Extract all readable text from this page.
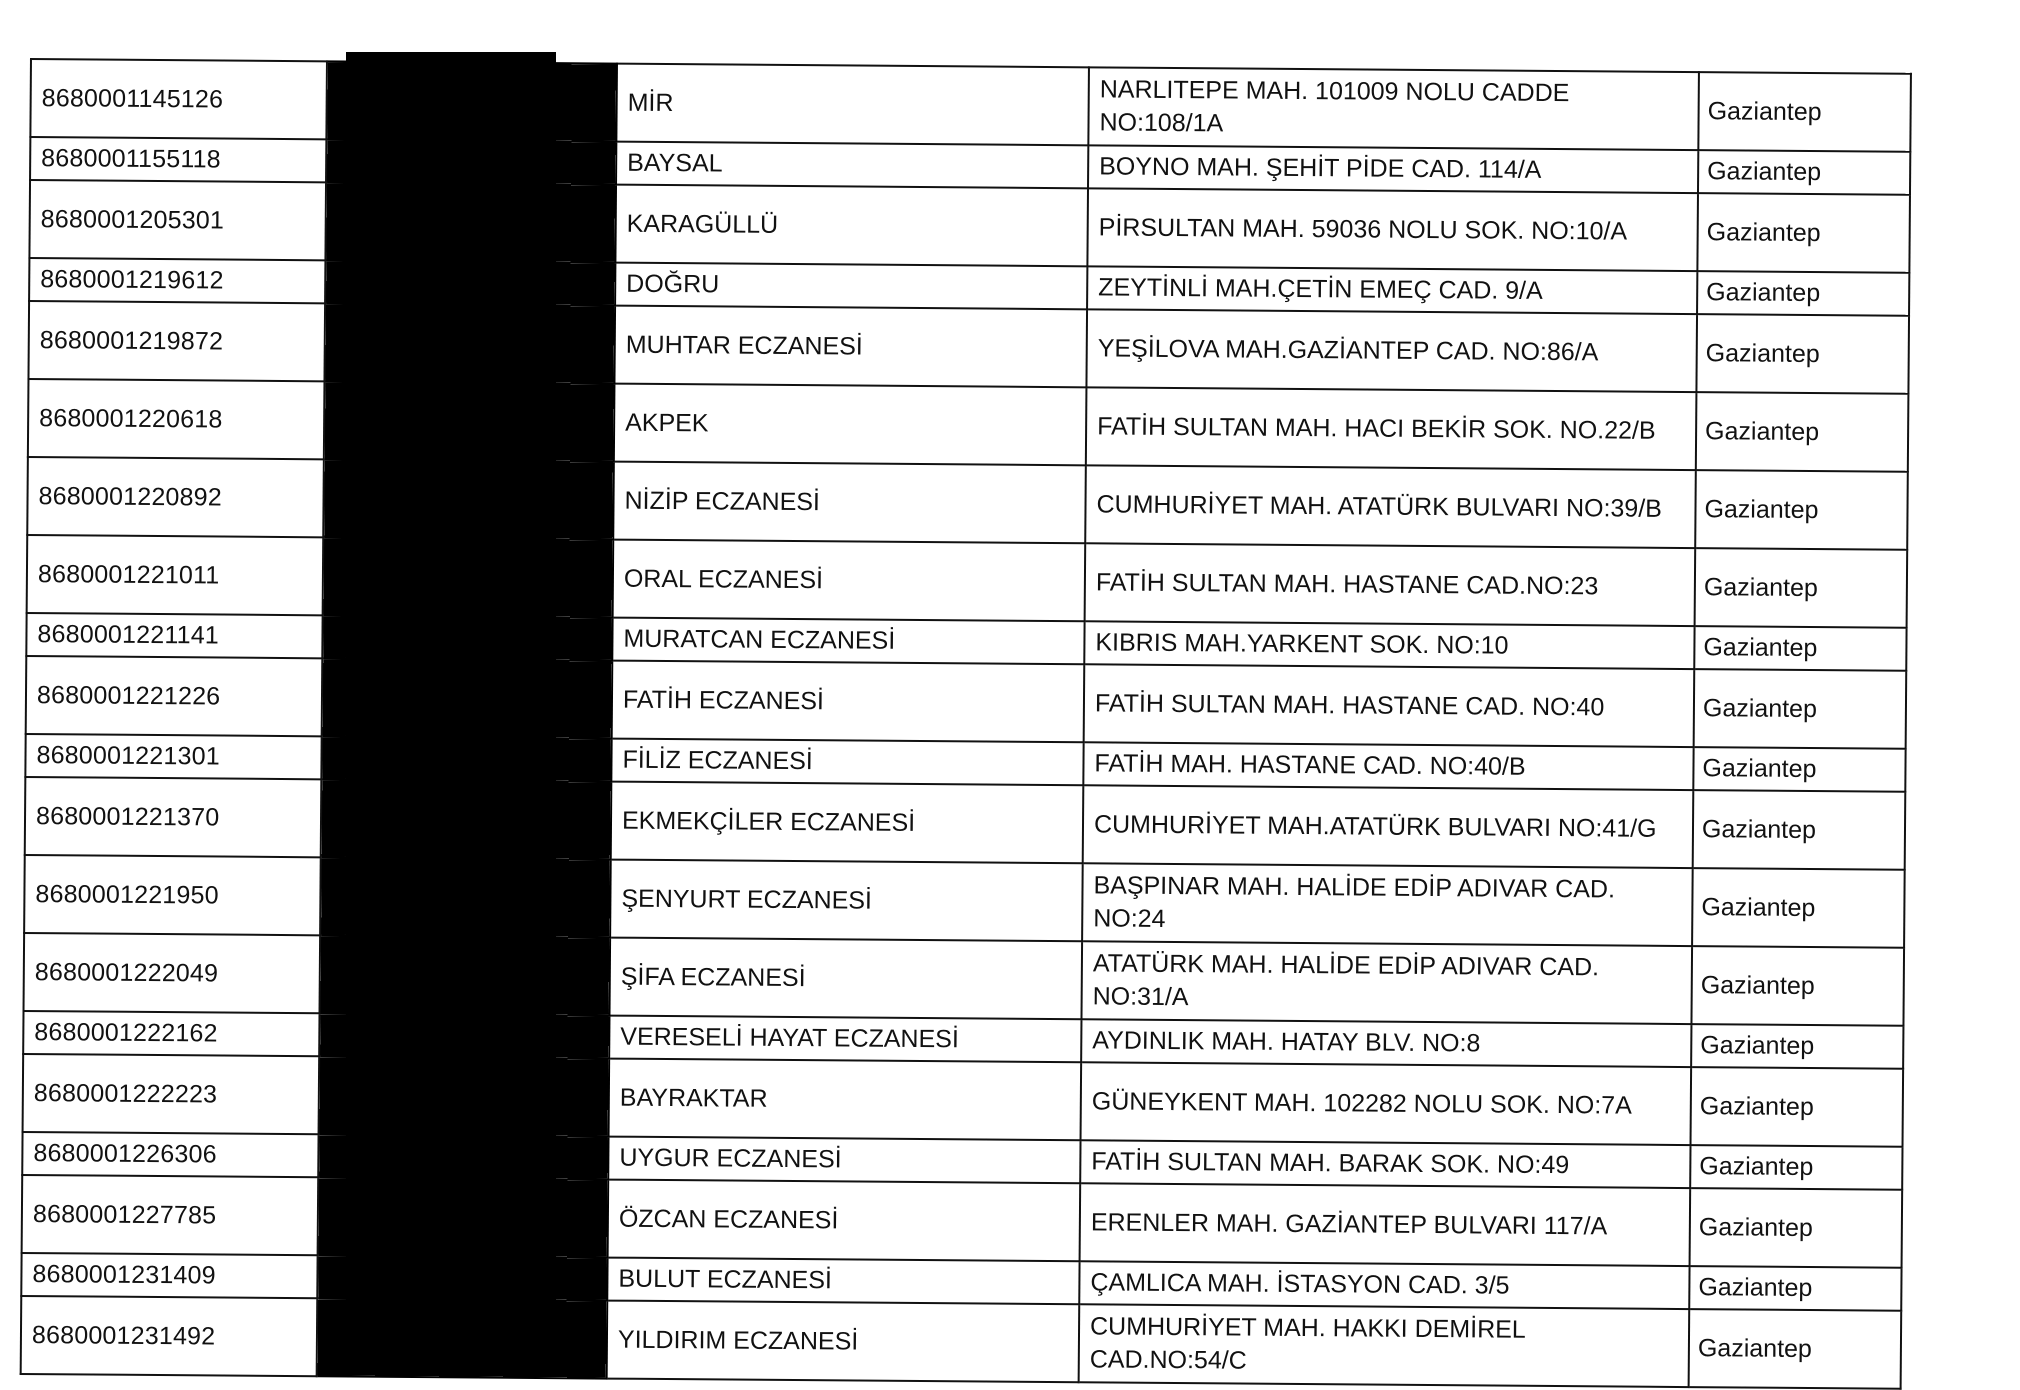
8680001145126		MİR	NARLITEPE MAH. 101009 NOLU CADDE NO:108/1A	Gaziantep
8680001155118		BAYSAL	BOYNO MAH. ŞEHİT PİDE CAD. 114/A	Gaziantep
8680001205301		KARAGÜLLÜ	PİRSULTAN MAH. 59036 NOLU SOK. NO:10/A	Gaziantep
8680001219612		DOĞRU	ZEYTİNLİ MAH.ÇETİN EMEÇ CAD. 9/A	Gaziantep
8680001219872		MUHTAR ECZANESİ	YEŞİLOVA MAH.GAZİANTEP CAD. NO:86/A	Gaziantep
8680001220618		AKPEK	FATİH SULTAN MAH. HACI BEKİR SOK. NO.22/B	Gaziantep
8680001220892		NİZİP ECZANESİ	CUMHURİYET MAH. ATATÜRK BULVARI NO:39/B	Gaziantep
8680001221011		ORAL ECZANESİ	FATİH SULTAN MAH. HASTANE CAD.NO:23	Gaziantep
8680001221141		MURATCAN ECZANESİ	KIBRIS MAH.YARKENT SOK. NO:10	Gaziantep
8680001221226		FATİH ECZANESİ	FATİH SULTAN MAH. HASTANE CAD. NO:40	Gaziantep
8680001221301		FİLİZ ECZANESİ	FATİH MAH. HASTANE CAD. NO:40/B	Gaziantep
8680001221370		EKMEKÇİLER ECZANESİ	CUMHURİYET MAH.ATATÜRK BULVARI NO:41/G	Gaziantep
8680001221950		ŞENYURT ECZANESİ	BAŞPINAR MAH. HALİDE EDİP ADIVAR CAD. NO:24	Gaziantep
8680001222049		ŞİFA ECZANESİ	ATATÜRK MAH. HALİDE EDİP ADIVAR CAD. NO:31/A	Gaziantep
8680001222162		VERESELİ HAYAT ECZANESİ	AYDINLIK MAH. HATAY BLV. NO:8	Gaziantep
8680001222223		BAYRAKTAR	GÜNEYKENT MAH. 102282 NOLU SOK. NO:7A	Gaziantep
8680001226306		UYGUR ECZANESİ	FATİH SULTAN MAH. BARAK SOK. NO:49	Gaziantep
8680001227785		ÖZCAN ECZANESİ	ERENLER MAH. GAZİANTEP BULVARI 117/A	Gaziantep
8680001231409		BULUT ECZANESİ	ÇAMLICA MAH. İSTASYON CAD. 3/5	Gaziantep
8680001231492		YILDIRIM ECZANESİ	CUMHURİYET MAH. HAKKI DEMİREL CAD.NO:54/C	Gaziantep
